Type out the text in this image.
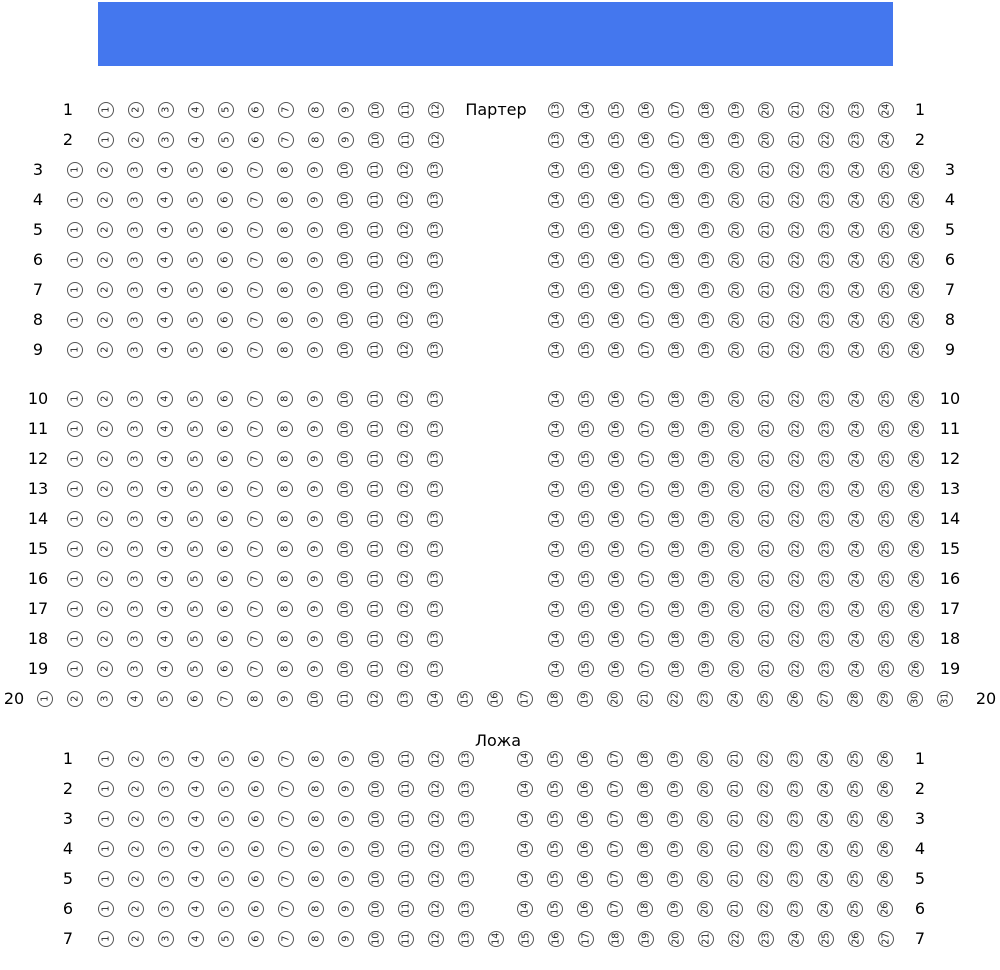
Партер
Ложа
1	1
1 2 3 4 5 6 7 8 9 10 11 12	13 14 15 16 17 18 19 20 21 22 23 24
2	2
1 2 3 4 5 6 7 8 9 10 11 12	13 14 15 16 17 18 19 20 21 22 23 24
3	3
1 2 3 4 5 6 7 8 9 10 11 12 13	14 15 16 17 18 19 20 21 22 23 24 25 26
4	4
1 2 3 4 5 6 7 8 9 10 11 12 13	14 15 16 17 18 19 20 21 22 23 24 25 26
5	5
1 2 3 4 5 6 7 8 9 10 11 12 13	14 15 16 17 18 19 20 21 22 23 24 25 26
6	6
1 2 3 4 5 6 7 8 9 10 11 12 13	14 15 16 17 18 19 20 21 22 23 24 25 26
7	7
1 2 3 4 5 6 7 8 9 10 11 12 13	14 15 16 17 18 19 20 21 22 23 24 25 26
8	8
1 2 3 4 5 6 7 8 9 10 11 12 13	14 15 16 17 18 19 20 21 22 23 24 25 26
9	9
1 2 3 4 5 6 7 8 9 10 11 12 13	14 15 16 17 18 19 20 21 22 23 24 25 26
10	10
1 2 3 4 5 6 7 8 9 10 11 12 13	14 15 16 17 18 19 20 21 22 23 24 25 26
11	11
1 2 3 4 5 6 7 8 9 10 11 12 13	14 15 16 17 18 19 20 21 22 23 24 25 26
12	12
1 2 3 4 5 6 7 8 9 10 11 12 13	14 15 16 17 18 19 20 21 22 23 24 25 26
13	13
1 2 3 4 5 6 7 8 9 10 11 12 13	14 15 16 17 18 19 20 21 22 23 24 25 26
14	14
1 2 3 4 5 6 7 8 9 10 11 12 13	14 15 16 17 18 19 20 21 22 23 24 25 26
15	15
1 2 3 4 5 6 7 8 9 10 11 12 13	14 15 16 17 18 19 20 21 22 23 24 25 26
16	16
1 2 3 4 5 6 7 8 9 10 11 12 13	14 15 16 17 18 19 20 21 22 23 24 25 26
17	17
1 2 3 4 5 6 7 8 9 10 11 12 13	14 15 16 17 18 19 20 21 22 23 24 25 26
18	18
1 2 3 4 5 6 7 8 9 10 11 12 13	14 15 16 17 18 19 20 21 22 23 24 25 26
19	19
1 2 3 4 5 6 7 8 9 10 11 12 13	14 15 16 17 18 19 20 21 22 23 24 25 26
20	20
1 2 3 4 5 6 7 8 9 10 11 12 13 14 15 16 17 18 19 20 21 22 23 24 25 26 27 28 29 30 31
1	1
1 2 3 4 5 6 7 8 9 10 11 12 13	14 15 16 17 18 19 20 21 22 23 24 25 26
2	2
1 2 3 4 5 6 7 8 9 10 11 12 13	14 15 16 17 18 19 20 21 22 23 24 25 26
3	3
1 2 3 4 5 6 7 8 9 10 11 12 13	14 15 16 17 18 19 20 21 22 23 24 25 26
4	4
1 2 3 4 5 6 7 8 9 10 11 12 13	14 15 16 17 18 19 20 21 22 23 24 25 26
5	5
1 2 3 4 5 6 7 8 9 10 11 12 13	14 15 16 17 18 19 20 21 22 23 24 25 26
6	6
1 2 3 4 5 6 7 8 9 10 11 12 13	14 15 16 17 18 19 20 21 22 23 24 25 26
7	7
1 2 3 4 5 6 7 8 9 10 11 12 13 14 15 16 17 18 19 20 21 22 23 24 25 26 27
